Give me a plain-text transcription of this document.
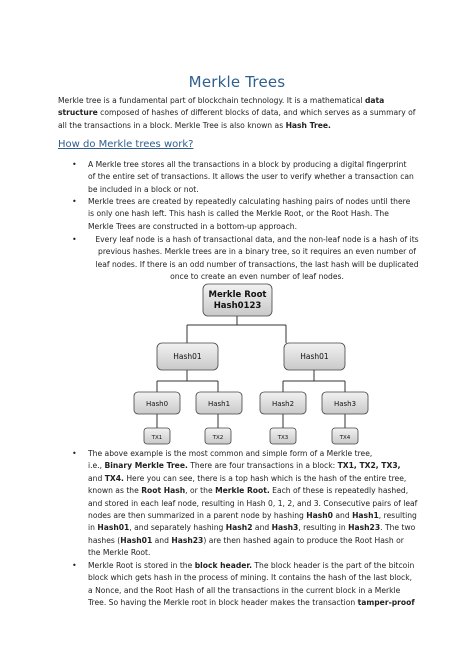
Merkle Trees
Merkle tree is a fundamental part of blockchain technology. It is a mathematical data
structure composed of hashes of different blocks of data, and which serves as a summary of
all the transactions in a block. Merkle Tree is also known as Hash Tree.
How do Merkle trees work?
• A Merkle tree stores all the transactions in a block by producing a digital fingerprint
of the entire set of transactions. It allows the user to verify whether a transaction can
be included in a block or not.
• Merkle trees are created by repeatedly calculating hashing pairs of nodes until there
is only one hash left. This hash is called the Merkle Root, or the Root Hash. The
Merkle Trees are constructed in a bottom-up approach.
•	Every leaf node is a hash of transactional data, and the non-leaf node is a hash of its
previous hashes. Merkle trees are in a binary tree, so it requires an even number of
leaf nodes. If there is an odd number of transactions, the last hash will be duplicated
once to create an even number of leaf nodes.
Merkle Root
Hash0123
Hash01	Hash01
Hash0	Hash1	Hash2	Hash3
TX1	TX2	TX3	TX4
• The above example is the most common and simple form of a Merkle tree,
i.e., Binary Merkle Tree. There are four transactions in a block: TX1, TX2, TX3,
and TX4. Here you can see, there is a top hash which is the hash of the entire tree,
known as the Root Hash, or the Merkle Root. Each of these is repeatedly hashed,
and stored in each leaf node, resulting in Hash 0, 1, 2, and 3. Consecutive pairs of leaf
nodes are then summarized in a parent node by hashing Hash0 and Hash1, resulting
in Hash01, and separately hashing Hash2 and Hash3, resulting in Hash23. The two
hashes (Hash01 and Hash23) are then hashed again to produce the Root Hash or
the Merkle Root.
• Merkle Root is stored in the block header. The block header is the part of the bitcoin
block which gets hash in the process of mining. It contains the hash of the last block,
a Nonce, and the Root Hash of all the transactions in the current block in a Merkle
Tree. So having the Merkle root in block header makes the transaction tamper-proof
